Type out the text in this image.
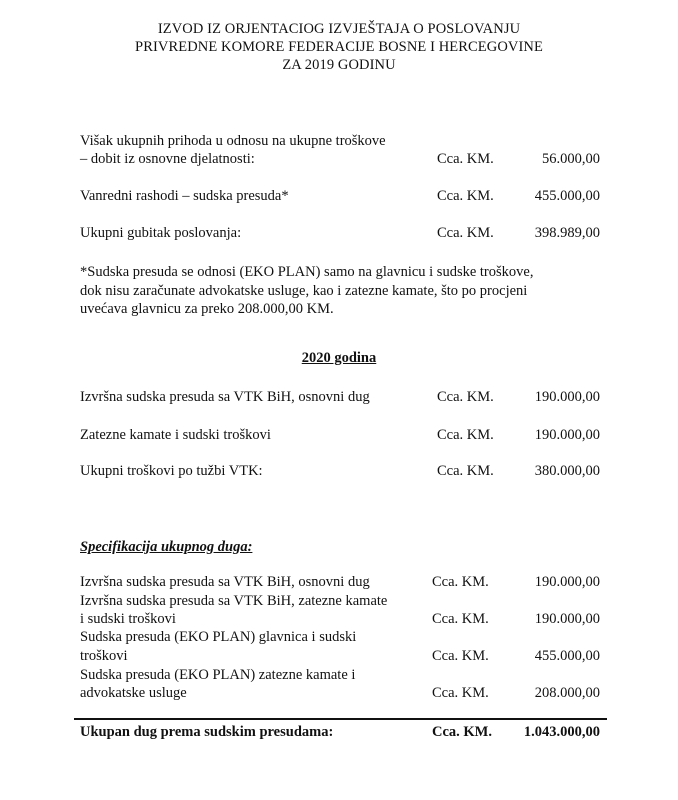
IZVOD IZ ORJENTACIOG IZVJEŠTAJA O POSLOVANJU
PRIVREDNE KOMORE FEDERACIJE BOSNE I HERCEGOVINE
ZA 2019 GODINU
Višak ukupnih prihoda u odnosu na ukupne troškove
– dobit iz osnovne djelatnosti:	Cca. KM.	56.000,00
Vanredni rashodi – sudska presuda*	Cca. KM.	455.000,00
Ukupni gubitak poslovanja:	Cca. KM.	398.989,00
*Sudska presuda se odnosi (EKO PLAN) samo na glavnicu i sudske troškove,
dok nisu zaračunate advokatske usluge, kao i zatezne kamate, što po procjeni
uvećava glavnicu za preko 208.000,00 KM.
2020 godina
Izvršna sudska presuda sa VTK BiH, osnovni dug	Cca. KM.	190.000,00
Zatezne kamate i sudski troškovi	Cca. KM.	190.000,00
Ukupni troškovi po tužbi VTK:	Cca. KM.	380.000,00
Specifikacija ukupnog duga:
Izvršna sudska presuda sa VTK BiH, osnovni dug	Cca. KM.	190.000,00
Izvršna sudska presuda sa VTK BiH, zatezne kamate
i sudski troškovi	Cca. KM.	190.000,00
Sudska presuda (EKO PLAN) glavnica i sudski
troškovi	Cca. KM.	455.000,00
Sudska presuda (EKO PLAN) zatezne kamate i
advokatske usluge	Cca. KM.	208.000,00
Ukupan dug prema sudskim presudama:	Cca. KM. 1.043.000,00
